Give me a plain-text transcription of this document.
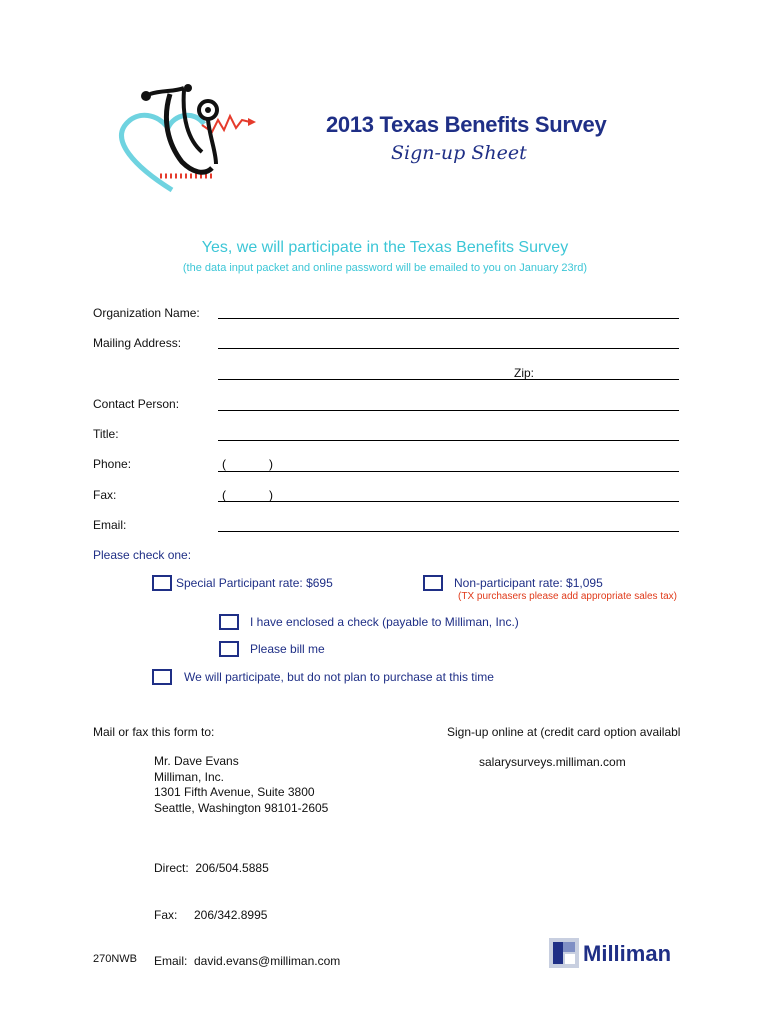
2013 Texas Benefits Survey
Sign-up Sheet
Yes, we will participate in the Texas Benefits Survey
(the data input packet and online password will be emailed to you on January 23rd)
Organization Name:
Mailing Address:
Zip:
Contact Person:
Title:
Phone:	(	)
Fax:	(	)
Email:
Please check one:
Special Participant rate: $695	Non-participant rate: $1,095
(TX purchasers please add appropriate sales tax)
I have enclosed a check (payable to Milliman, Inc.)
Please bill me
We will participate, but do not plan to purchase at this time
Mail or fax this form to:	Sign-up online at (credit card option availabl
salarysurveys.milliman.com
Mr. Dave Evans
Milliman, Inc.
1301 Fifth Avenue, Suite 3800
Seattle, Washington 98101-2605

Direct:  206/504.5885

Fax:     206/342.8995

Email:  david.evans@milliman.com

270NWB	Milliman
